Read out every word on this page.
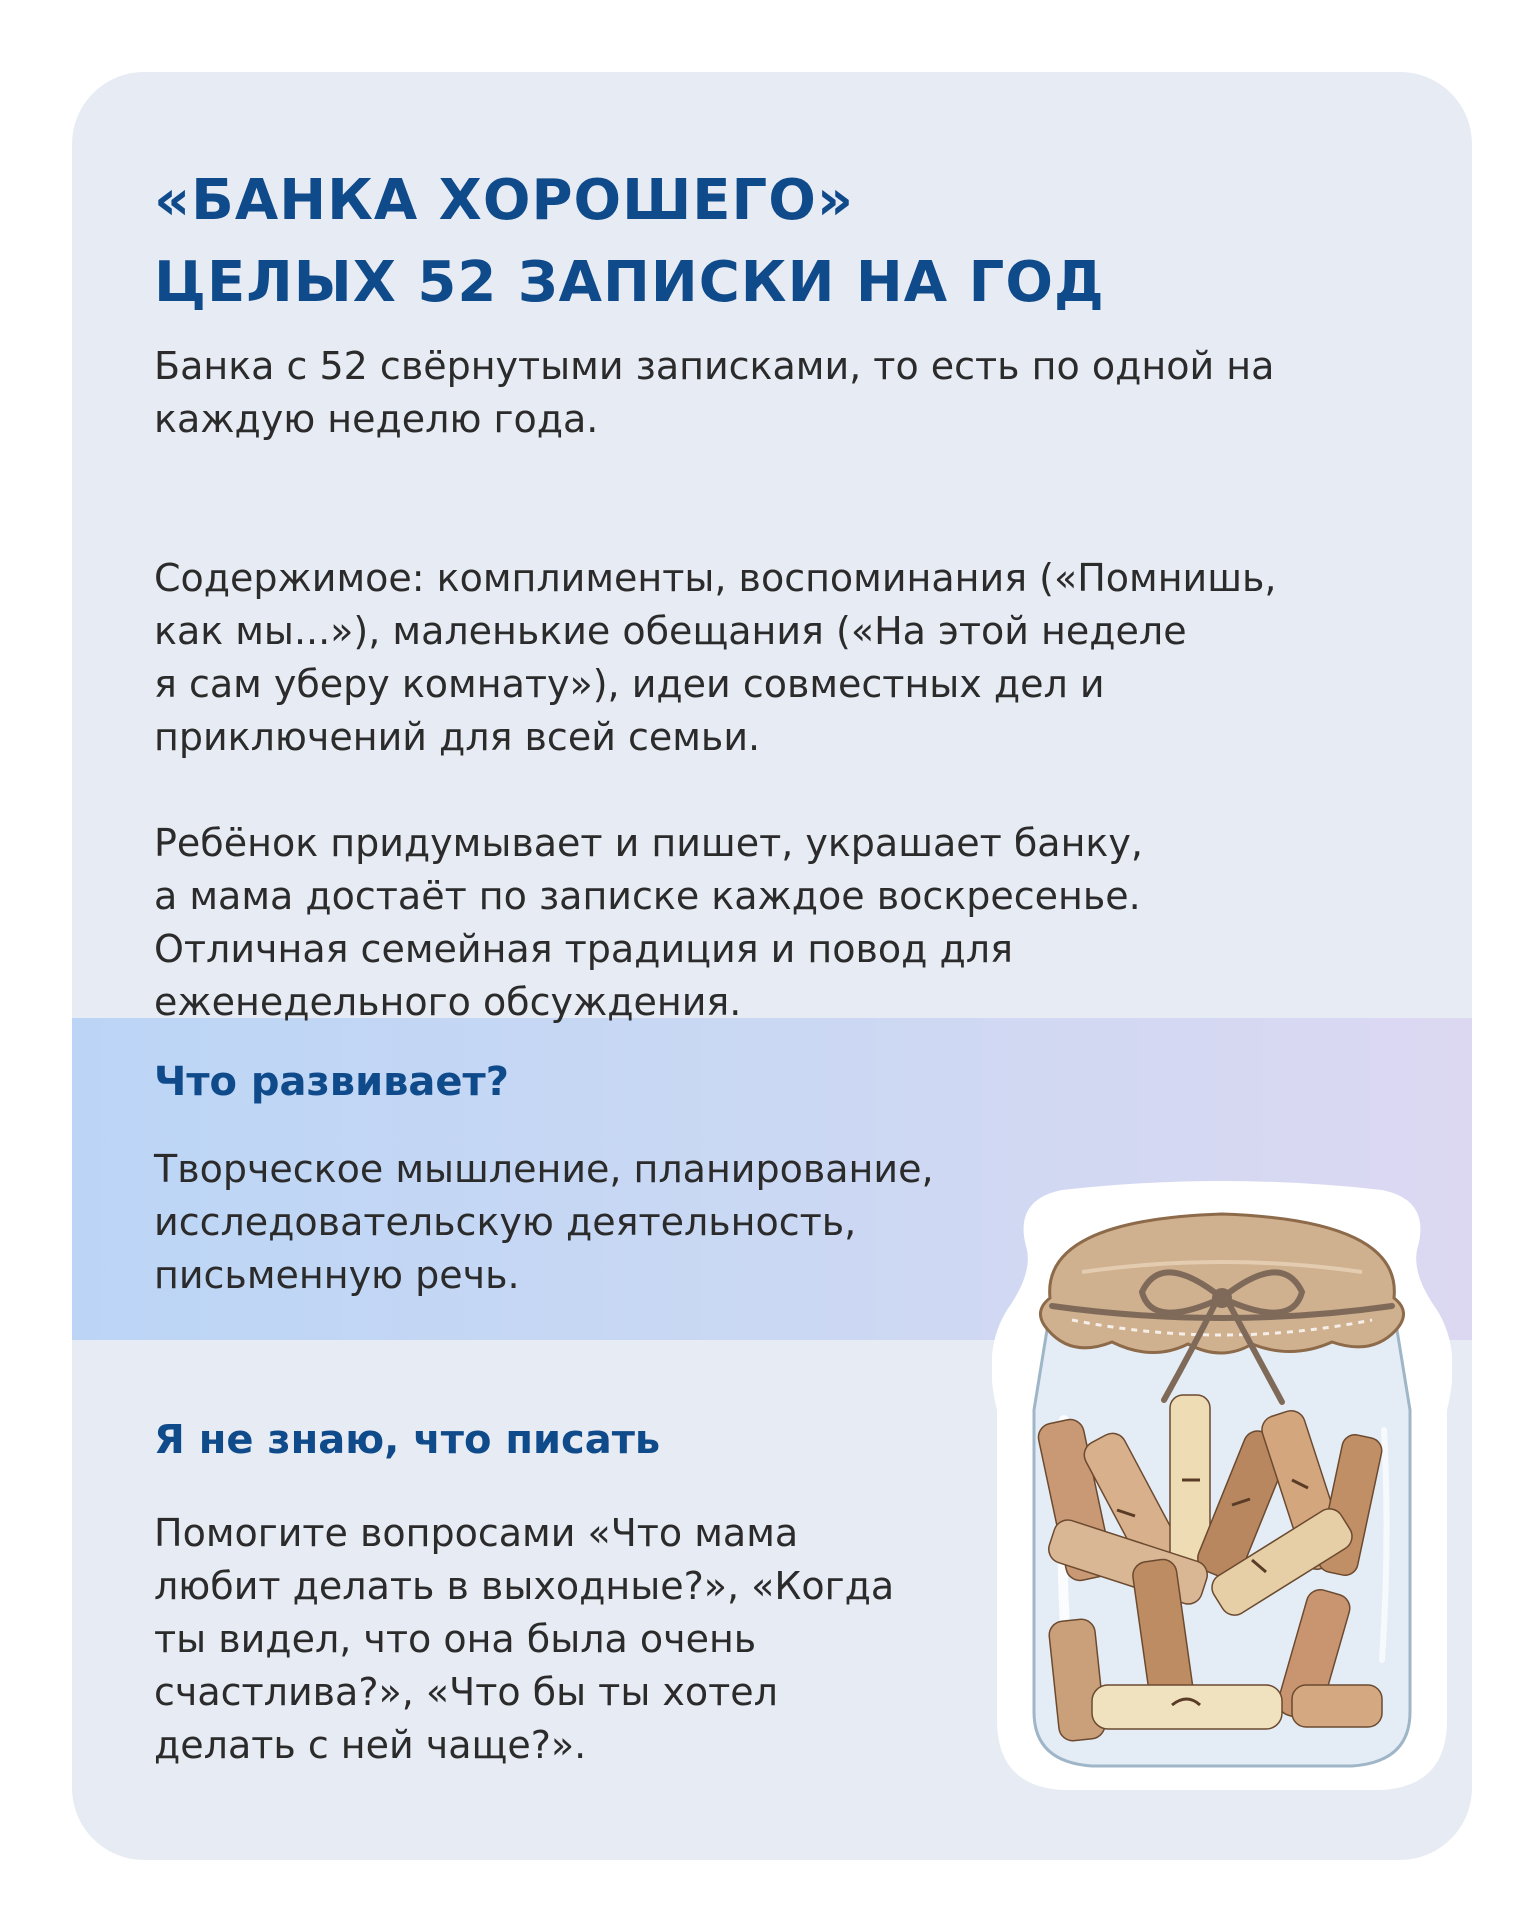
«БАНКА ХОРОШЕГО»
ЦЕЛЫХ 52 ЗАПИСКИ НА ГОД

Банка с 52 свёрнутыми записками, то есть по одной на
каждую неделю года.

Содержимое: комплименты, воспоминания («Помнишь,
как мы...»), маленькие обещания («На этой неделе
я сам уберу комнату»), идеи совместных дел и
приключений для всей семьи.

Ребёнок придумывает и пишет, украшает банку,
а мама достаёт по записке каждое воскресенье.
Отличная семейная традиция и повод для
еженедельного обсуждения.

Что развивает?

Творческое мышление, планирование,
исследовательскую деятельность,
письменную речь.

Я не знаю, что писать

Помогите вопросами «Что мама
любит делать в выходные?», «Когда
ты видел, что она была очень
счастлива?», «Что бы ты хотел
делать с ней чаще?».
